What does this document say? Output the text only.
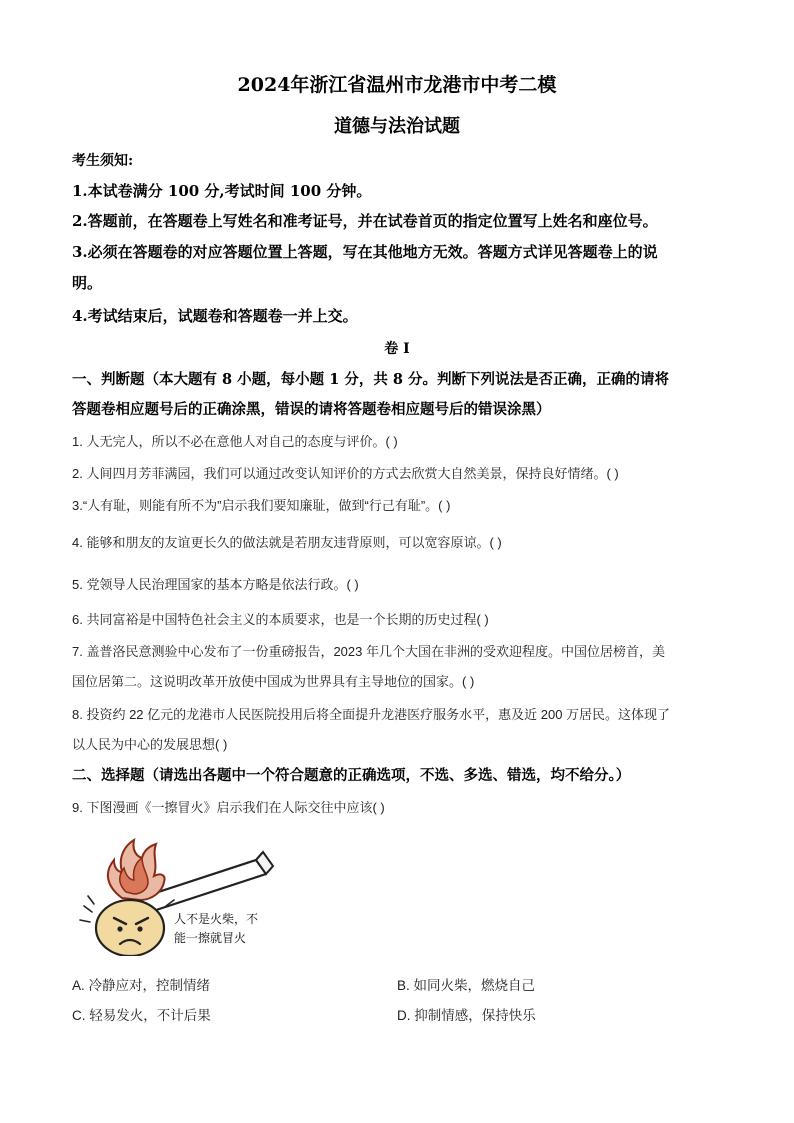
2024年浙江省温州市龙港市中考二模
道德与法治试题
考生须知:
1.本试卷满分 100 分,考试时间 100 分钟。
2.答题前，在答题卷上写姓名和准考证号，并在试卷首页的指定位置写上姓名和座位号。
3.必须在答题卷的对应答题位置上答题，写在其他地方无效。答题方式详见答题卷上的说
明。
4.考试结束后，试题卷和答题卷一并上交。
卷 I
一、判断题（本大题有 8 小题，每小题 1 分，共 8 分。判断下列说法是否正确，正确的请将
答题卷相应题号后的正确涂黑，错误的请将答题卷相应题号后的错误涂黑）
1. 人无完人，所以不必在意他人对自己的态度与评价。( )
2. 人间四月芳菲满园，我们可以通过改变认知评价的方式去欣赏大自然美景，保持良好情绪。( )
3.“人有耻，则能有所不为”启示我们要知廉耻，做到“行己有耻”。( )
4. 能够和朋友的友谊更长久的做法就是若朋友违背原则，可以宽容原谅。( )
5. 党领导人民治理国家的基本方略是依法行政。( )
6. 共同富裕是中国特色社会主义的本质要求，也是一个长期的历史过程( )
7. 盖普洛民意测验中心发布了一份重磅报告，2023 年几个大国在非洲的受欢迎程度。中国位居榜首，美
国位居第二。这说明改革开放使中国成为世界具有主导地位的国家。( )
8. 投资约 22 亿元的龙港市人民医院投用后将全面提升龙港医疗服务水平，惠及近 200 万居民。这体现了
以人民为中心的发展思想( )
二、选择题（请选出各题中一个符合题意的正确选项，不选、多选、错选，均不给分。）
9. 下图漫画《一擦冒火》启示我们在人际交往中应该( )
人不是火柴，不
能一擦就冒火
A. 冷静应对，控制情绪	B. 如同火柴，燃烧自己
C. 轻易发火，不计后果	D. 抑制情感，保持快乐
